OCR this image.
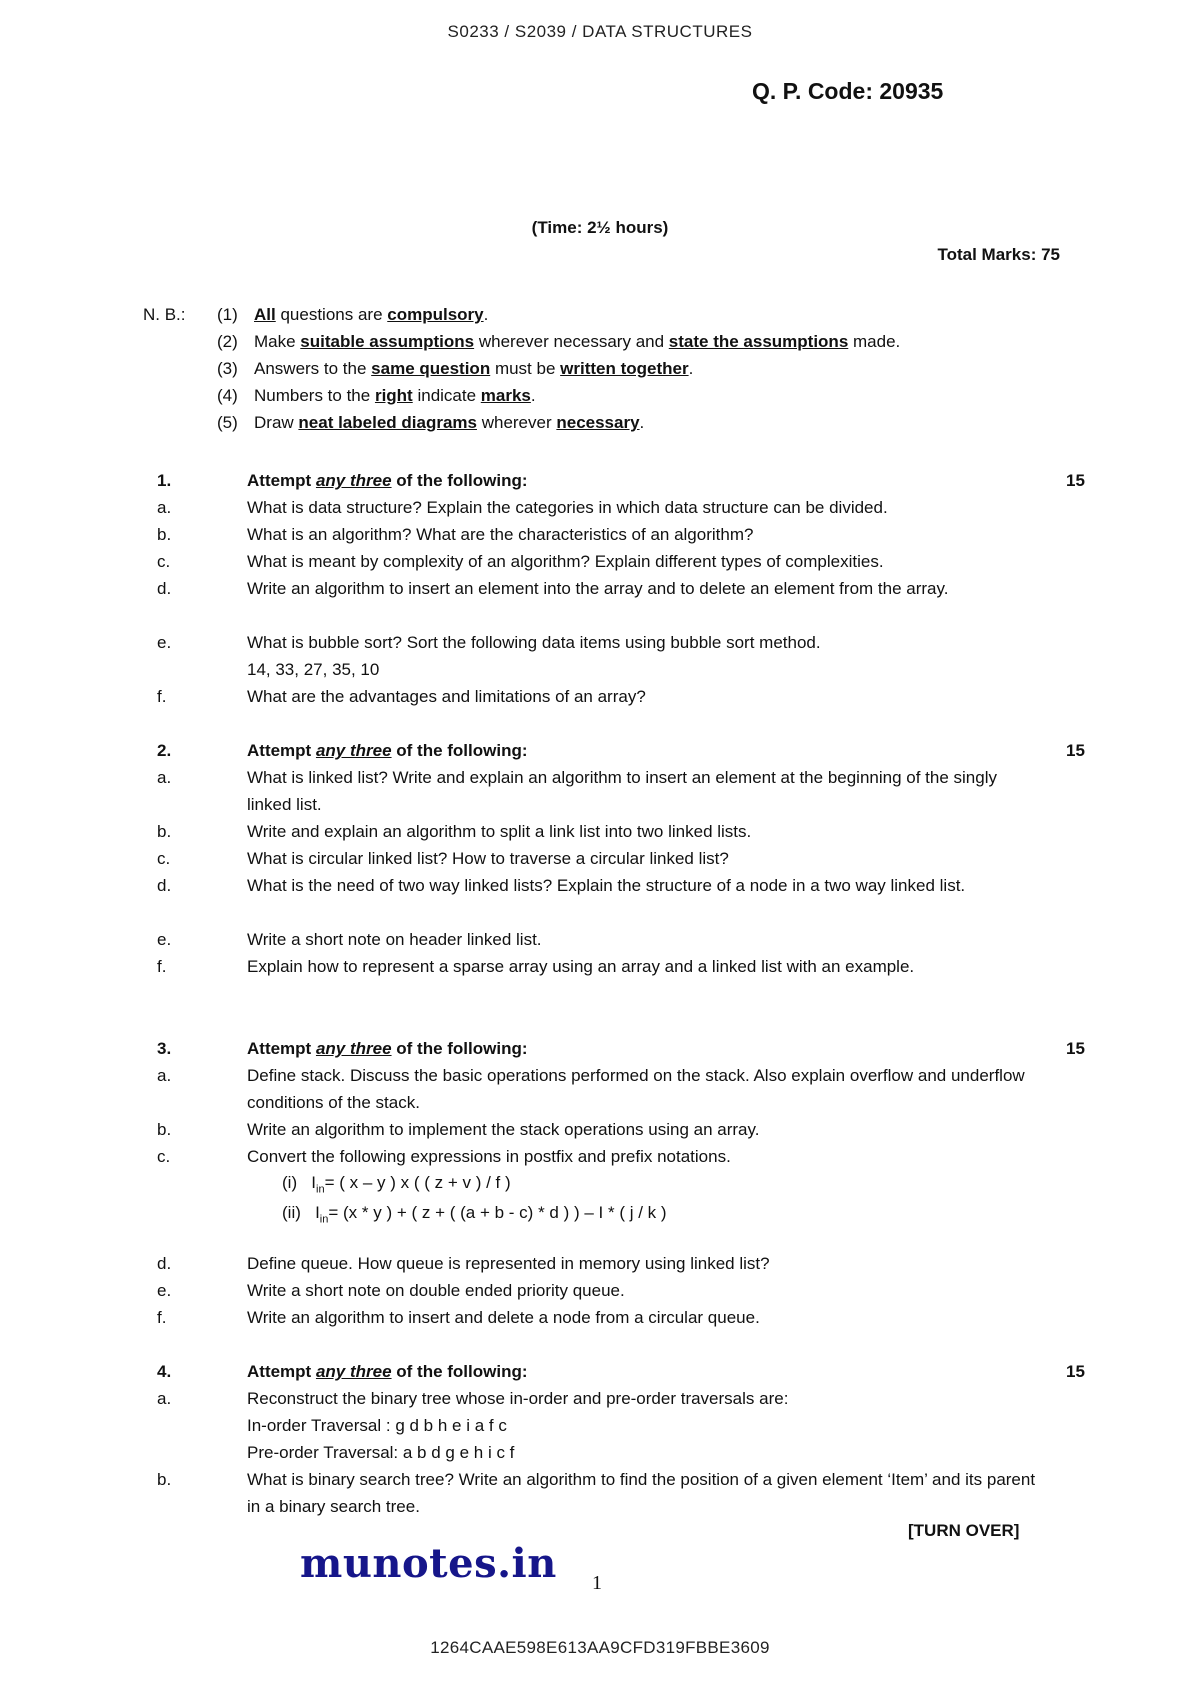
S0233 / S2039 / DATA STRUCTURES
Q. P. Code: 20935
(Time: 2½ hours)
Total Marks: 75
N. B.: (1) All questions are compulsory.
(2) Make suitable assumptions wherever necessary and state the assumptions made.
(3) Answers to the same question must be written together.
(4) Numbers to the right indicate marks.
(5) Draw neat labeled diagrams wherever necessary.
1.	Attempt any three of the following:	15
a.	What is data structure? Explain the categories in which data structure can be divided.
b.	What is an algorithm? What are the characteristics of an algorithm?
c.	What is meant by complexity of an algorithm? Explain different types of complexities.
d.	Write an algorithm to insert an element into the array and to delete an element from the array.
e.	What is bubble sort? Sort the following data items using bubble sort method.
14, 33, 27, 35, 10
f.	What are the advantages and limitations of an array?
2.	Attempt any three of the following:	15
a.	What is linked list? Write and explain an algorithm to insert an element at the beginning of the singly linked list.
b.	Write and explain an algorithm to split a link list into two linked lists.
c.	What is circular linked list? How to traverse a circular linked list?
d.	What is the need of two way linked lists? Explain the structure of a node in a two way linked list.
e.	Write a short note on header linked list.
f.	Explain how to represent a sparse array using an array and a linked list with an example.
3.	Attempt any three of the following:	15
a.	Define stack. Discuss the basic operations performed on the stack. Also explain overflow and underflow conditions of the stack.
b.	Write an algorithm to implement the stack operations using an array.
c.	Convert the following expressions in postfix and prefix notations.
d.	Define queue. How queue is represented in memory using linked list?
e.	Write a short note on double ended priority queue.
f.	Write an algorithm to insert and delete a node from a circular queue.
(i) $I_{in}=$ ( x – y ) x ( ( z + v ) / f )
(ii) $I_{in}= (x * y$ ) + ( z + ( (a + b - c) * d ) ) – I * ( j / k )
4.	Attempt any three of the following:	15
a.	Reconstruct the binary tree whose in-order and pre-order traversals are:
b.	What is binary search tree? Write an algorithm to find the position of a given element ‘Item’ and its parent in a binary search tree.
In-order Traversal : g d b h e i a f c
Pre-order Traversal: a b d g e h i c f
[TURN OVER]
munotes.in 1
1264CAAE598E613AA9CFD319FBBE3609
